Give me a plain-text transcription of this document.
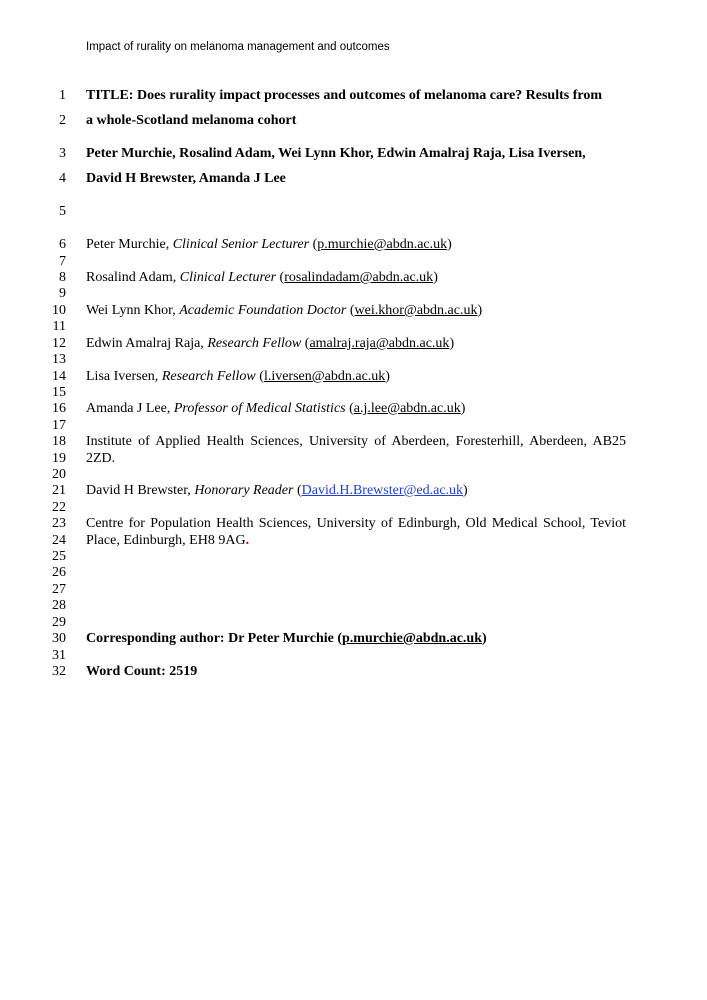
Impact of rurality on melanoma management and outcomes
1
2
3
4
5
6
7
8
9
10
11
12
13
14
15
16
17
18
19
20
21
22
23
24
25
26
27
28
29
30
31
32
TITLE: Does rurality impact processes and outcomes of melanoma care? Results from
a whole-Scotland melanoma cohort
Peter Murchie, Rosalind Adam, Wei Lynn Khor, Edwin Amalraj Raja, Lisa Iversen,
David H Brewster, Amanda J Lee
Peter Murchie, Clinical Senior Lecturer (p.murchie@abdn.ac.uk)
Rosalind Adam, Clinical Lecturer (rosalindadam@abdn.ac.uk)
Wei Lynn Khor, Academic Foundation Doctor (wei.khor@abdn.ac.uk)
Edwin Amalraj Raja, Research Fellow (amalraj.raja@abdn.ac.uk)
Lisa Iversen, Research Fellow (l.iversen@abdn.ac.uk)
Amanda J Lee, Professor of Medical Statistics (a.j.lee@abdn.ac.uk)
Institute of Applied Health Sciences, University of Aberdeen, Foresterhill, Aberdeen, AB25
2ZD.
David H Brewster, Honorary Reader (David.H.Brewster@ed.ac.uk)
Centre for Population Health Sciences, University of Edinburgh, Old Medical School, Teviot
Place, Edinburgh, EH8 9AG.
Corresponding author: Dr Peter Murchie (p.murchie@abdn.ac.uk)
Word Count: 2519
